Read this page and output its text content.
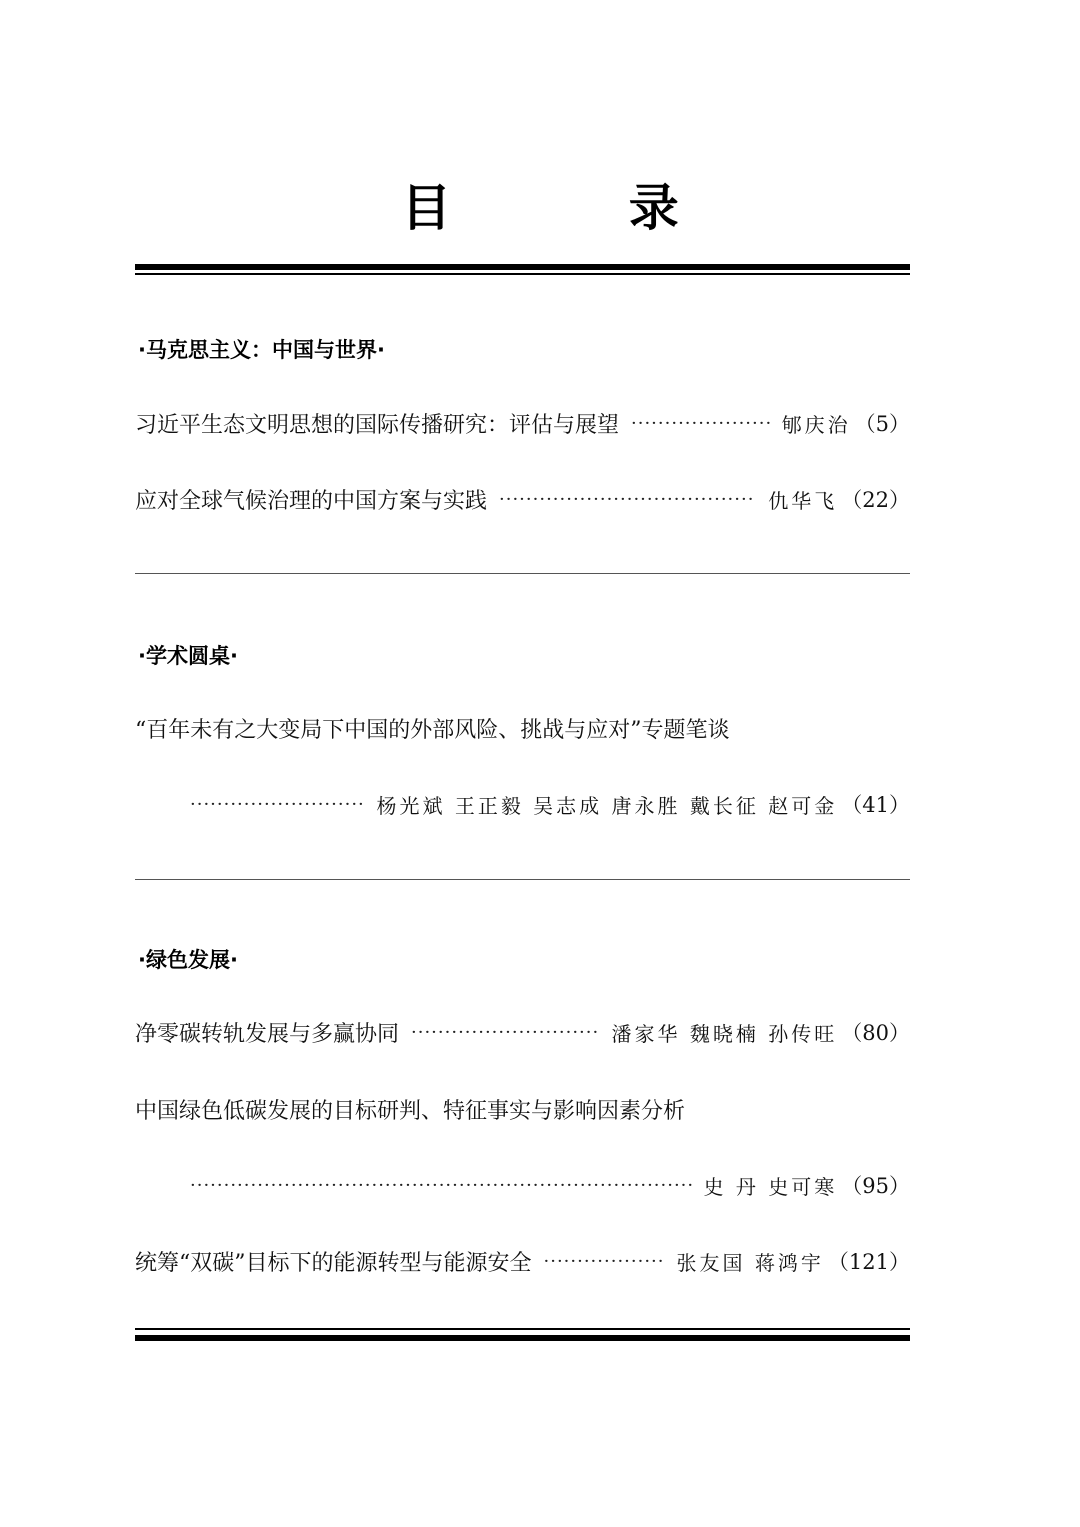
目 录
·马克思主义：中国与世界·
习近平生态文明思想的国际传播研究：评估与展望 ·····	郇庆治 （5）
应对全球气候治理的中国方案与实践 ·····	仇华飞 （22）
·学术圆桌·
“百年未有之大变局下中国的外部风险、挑战与应对”专题笔谈
·····
杨光斌 王正毅 吴志成 唐永胜 戴长征 赵可金 （41）
·绿色发展·
净零碳转轨发展与多赢协同 ·····	潘家华 魏晓楠 孙传旺 （80）
中国绿色低碳发展的目标研判、特征事实与影响因素分析
·····
史 丹 史可寒 （95）
统筹“双碳”目标下的能源转型与能源安全 ·····	张友国 蒋鸿宇 （121）
